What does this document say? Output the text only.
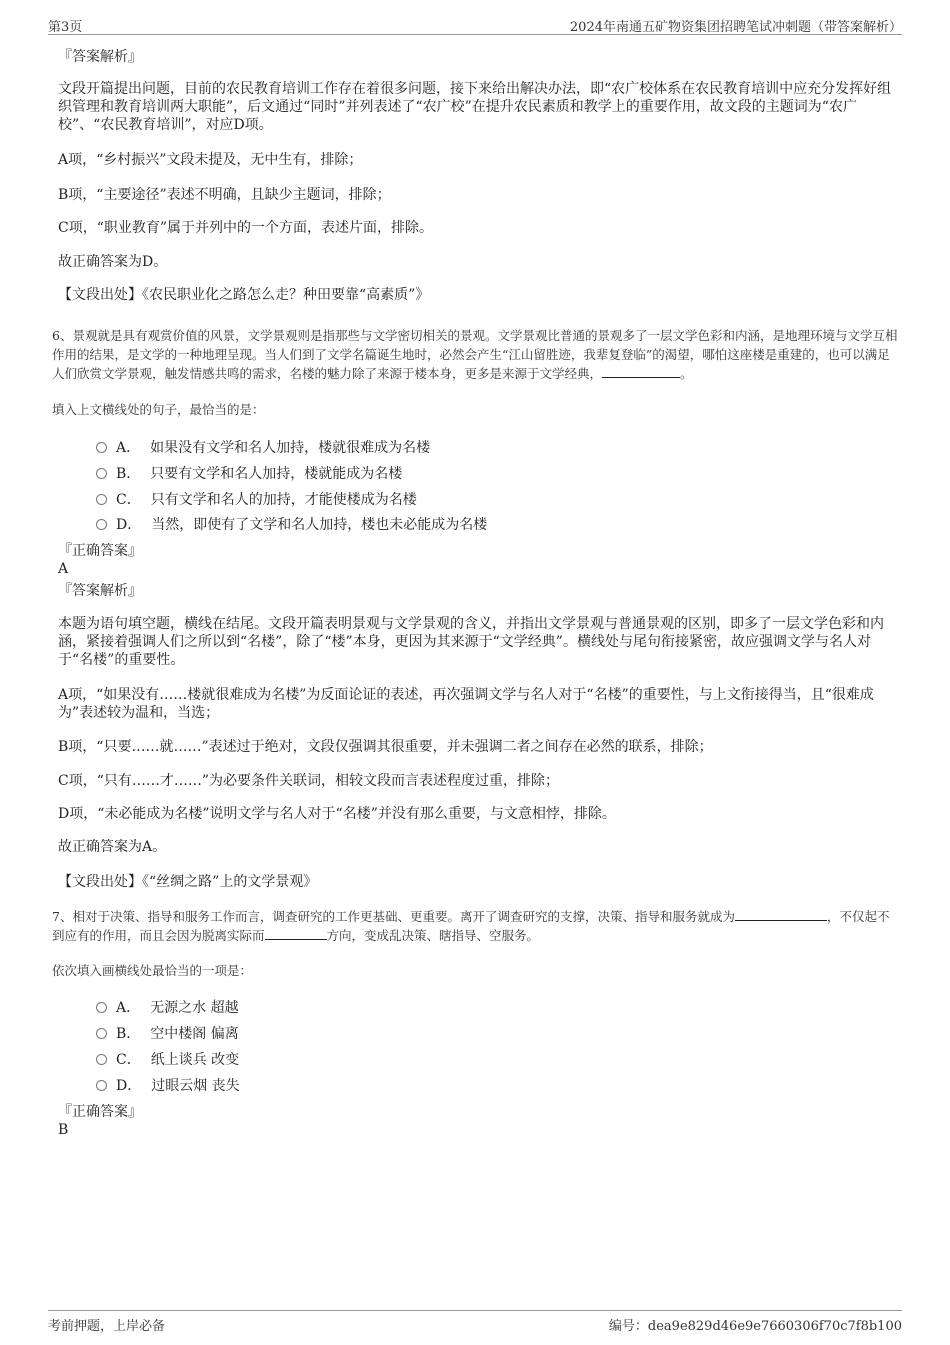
第3页	2024年南通五矿物资集团招聘笔试冲刺题（带答案解析）
『答案解析』

文段开篇提出问题，目前的农民教育培训工作存在着很多问题，接下来给出解决办法，即“农广校体系在农民教育培训中应充分发挥好组织管理和教育培训两大职能”，后文通过“同时”并列表述了“农广校”在提升农民素质和教学上的重要作用，故文段的主题词为“农广校”、“农民教育培训”，对应D项。

A项，“乡村振兴”文段未提及，无中生有，排除；
B项，“主要途径”表述不明确，且缺少主题词，排除；
C项，“职业教育”属于并列中的一个方面，表述片面，排除。
故正确答案为D。
【文段出处】《农民职业化之路怎么走？种田要靠“高素质”》
6、景观就是具有观赏价值的风景，文学景观则是指那些与文学密切相关的景观。文学景观比普通的景观多了一层文学色彩和内涵，是地理环境与文学互相作用的结果，是文学的一种地理呈现。当人们到了文学名篇诞生地时，必然会产生“江山留胜迹，我辈复登临”的渴望，哪怕这座楼是重建的，也可以满足人们欣赏文学景观，触发情感共鸣的需求，名楼的魅力除了来源于楼本身，更多是来源于文学经典，	。
填入上文横线处的句子，最恰当的是：
A． 如果没有文学和名人加持，楼就很难成为名楼
B． 只要有文学和名人加持，楼就能成为名楼
C． 只有文学和名人的加持，才能使楼成为名楼
D． 当然，即使有了文学和名人加持，楼也未必能成为名楼
『正确答案』
A
『答案解析』

本题为语句填空题，横线在结尾。文段开篇表明景观与文学景观的含义，并指出文学景观与普通景观的区别，即多了一层文学色彩和内涵，紧接着强调人们之所以到“名楼”，除了“楼”本身，更因为其来源于“文学经典”。横线处与尾句衔接紧密，故应强调文学与名人对于“名楼”的重要性。

A项，“如果没有……楼就很难成为名楼”为反面论证的表述，再次强调文学与名人对于“名楼”的重要性，与上文衔接得当，且“很难成为”表述较为温和，当选；
B项，“只要……就……”表述过于绝对，文段仅强调其很重要，并未强调二者之间存在必然的联系，排除；
C项，“只有……才……”为必要条件关联词，相较文段而言表述程度过重，排除；
D项，“未必能成为名楼”说明文学与名人对于“名楼”并没有那么重要，与文意相悖，排除。
故正确答案为A。
【文段出处】《“丝绸之路”上的文学景观》
7、相对于决策、指导和服务工作而言，调查研究的工作更基础、更重要。离开了调查研究的支撑，决策、指导和服务就成为	，不仅起不到应有的作用，而且会因为脱离实际而	方向，变成乱决策、瞎指导、空服务。
依次填入画横线处最恰当的一项是：
A． 无源之水 超越
B． 空中楼阁 偏离
C． 纸上谈兵 改变
D． 过眼云烟 丧失
『正确答案』
B
考前押题，上岸必备	编号：dea9e829d46e9e7660306f70c7f8b100
